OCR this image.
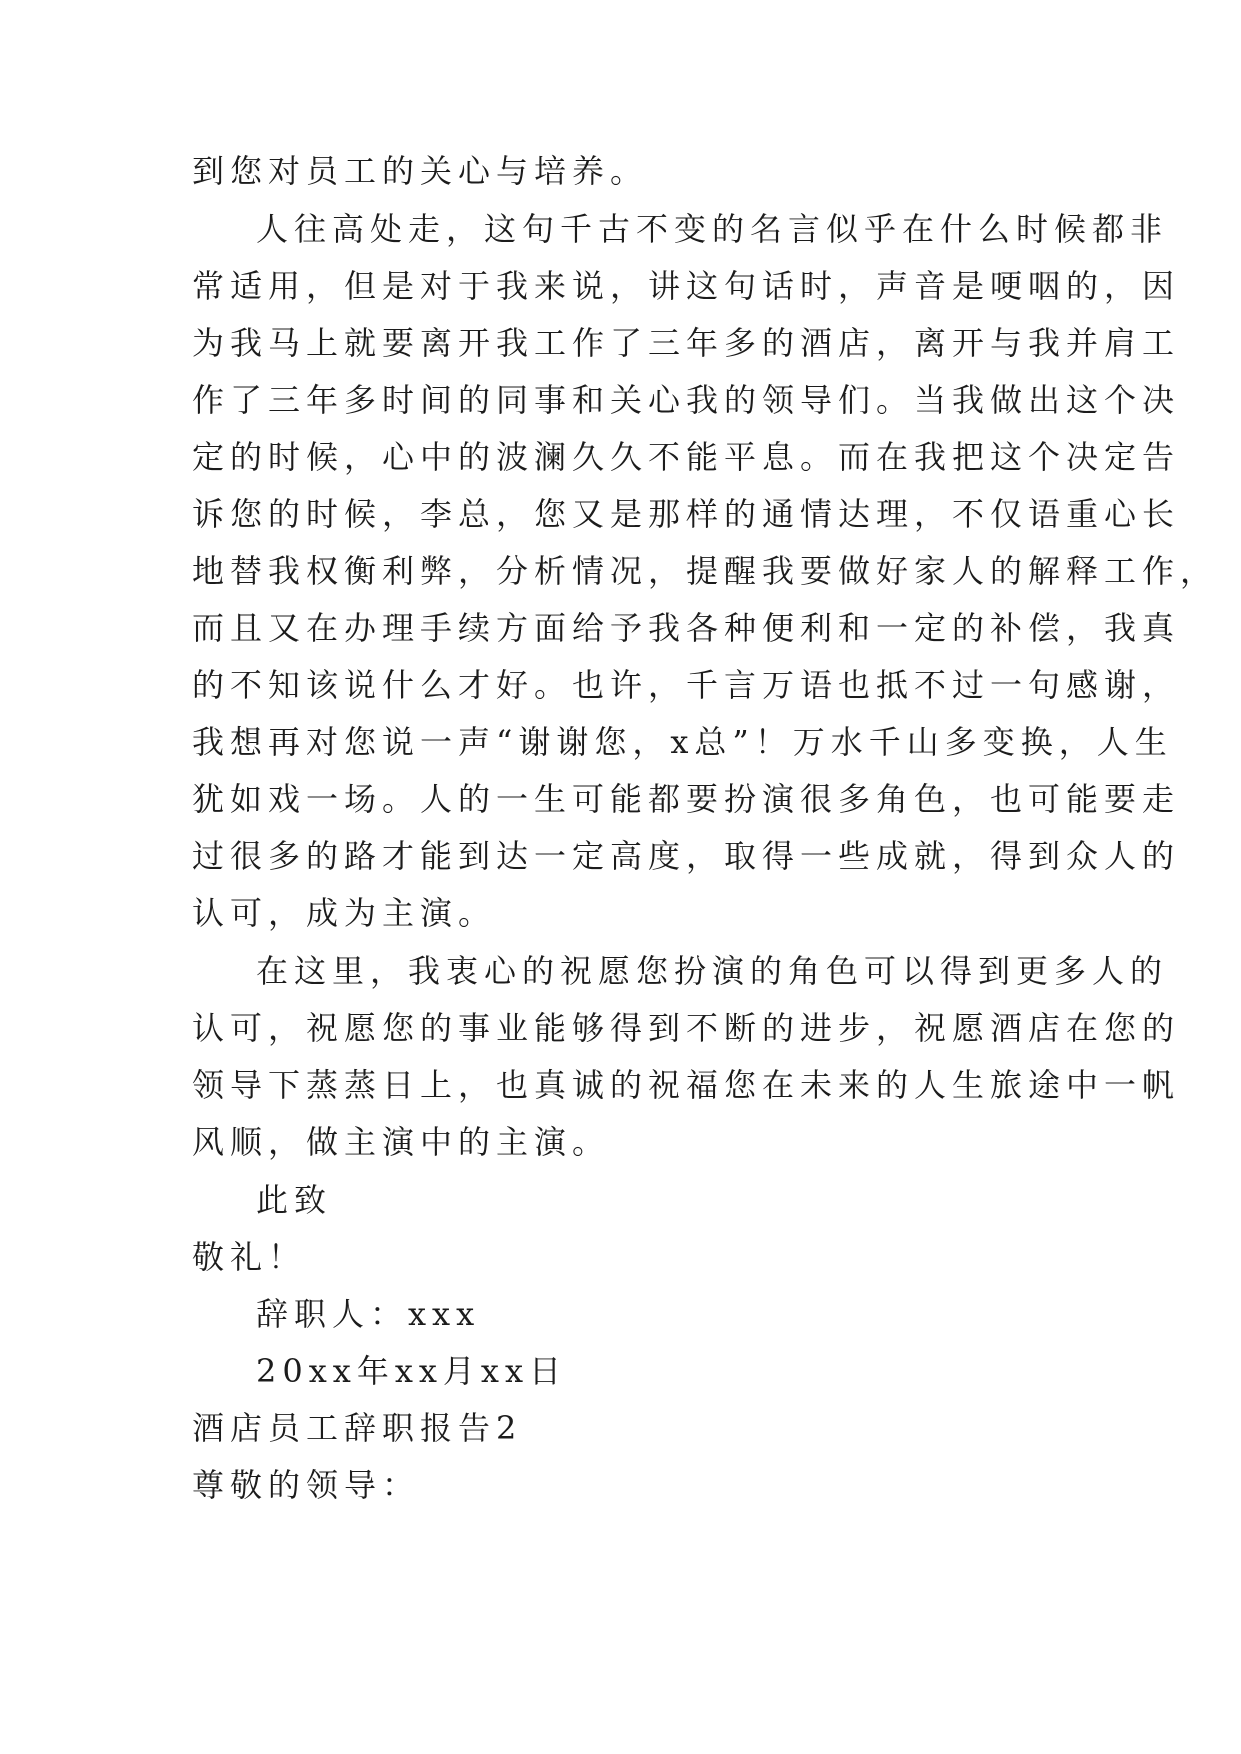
到您对员工的关心与培养。
人往高处走，这句千古不变的名言似乎在什么时候都非
常适用，但是对于我来说，讲这句话时，声音是哽咽的，因
为我马上就要离开我工作了三年多的酒店，离开与我并肩工
作了三年多时间的同事和关心我的领导们。当我做出这个决
定的时候，心中的波澜久久不能平息。而在我把这个决定告
诉您的时候，李总，您又是那样的通情达理，不仅语重心长
地替我权衡利弊，分析情况，提醒我要做好家人的解释工作，
而且又在办理手续方面给予我各种便利和一定的补偿，我真
的不知该说什么才好。也许，千言万语也抵不过一句感谢，
我想再对您说一声“谢谢您，x总”！万水千山多变换，人生
犹如戏一场。人的一生可能都要扮演很多角色，也可能要走
过很多的路才能到达一定高度，取得一些成就，得到众人的
认可，成为主演。
在这里，我衷心的祝愿您扮演的角色可以得到更多人的
认可，祝愿您的事业能够得到不断的进步，祝愿酒店在您的
领导下蒸蒸日上，也真诚的祝福您在未来的人生旅途中一帆
风顺，做主演中的主演。
此致
敬礼！
辞职人：xxx
20xx年xx月xx日
酒店员工辞职报告2
尊敬的领导：
